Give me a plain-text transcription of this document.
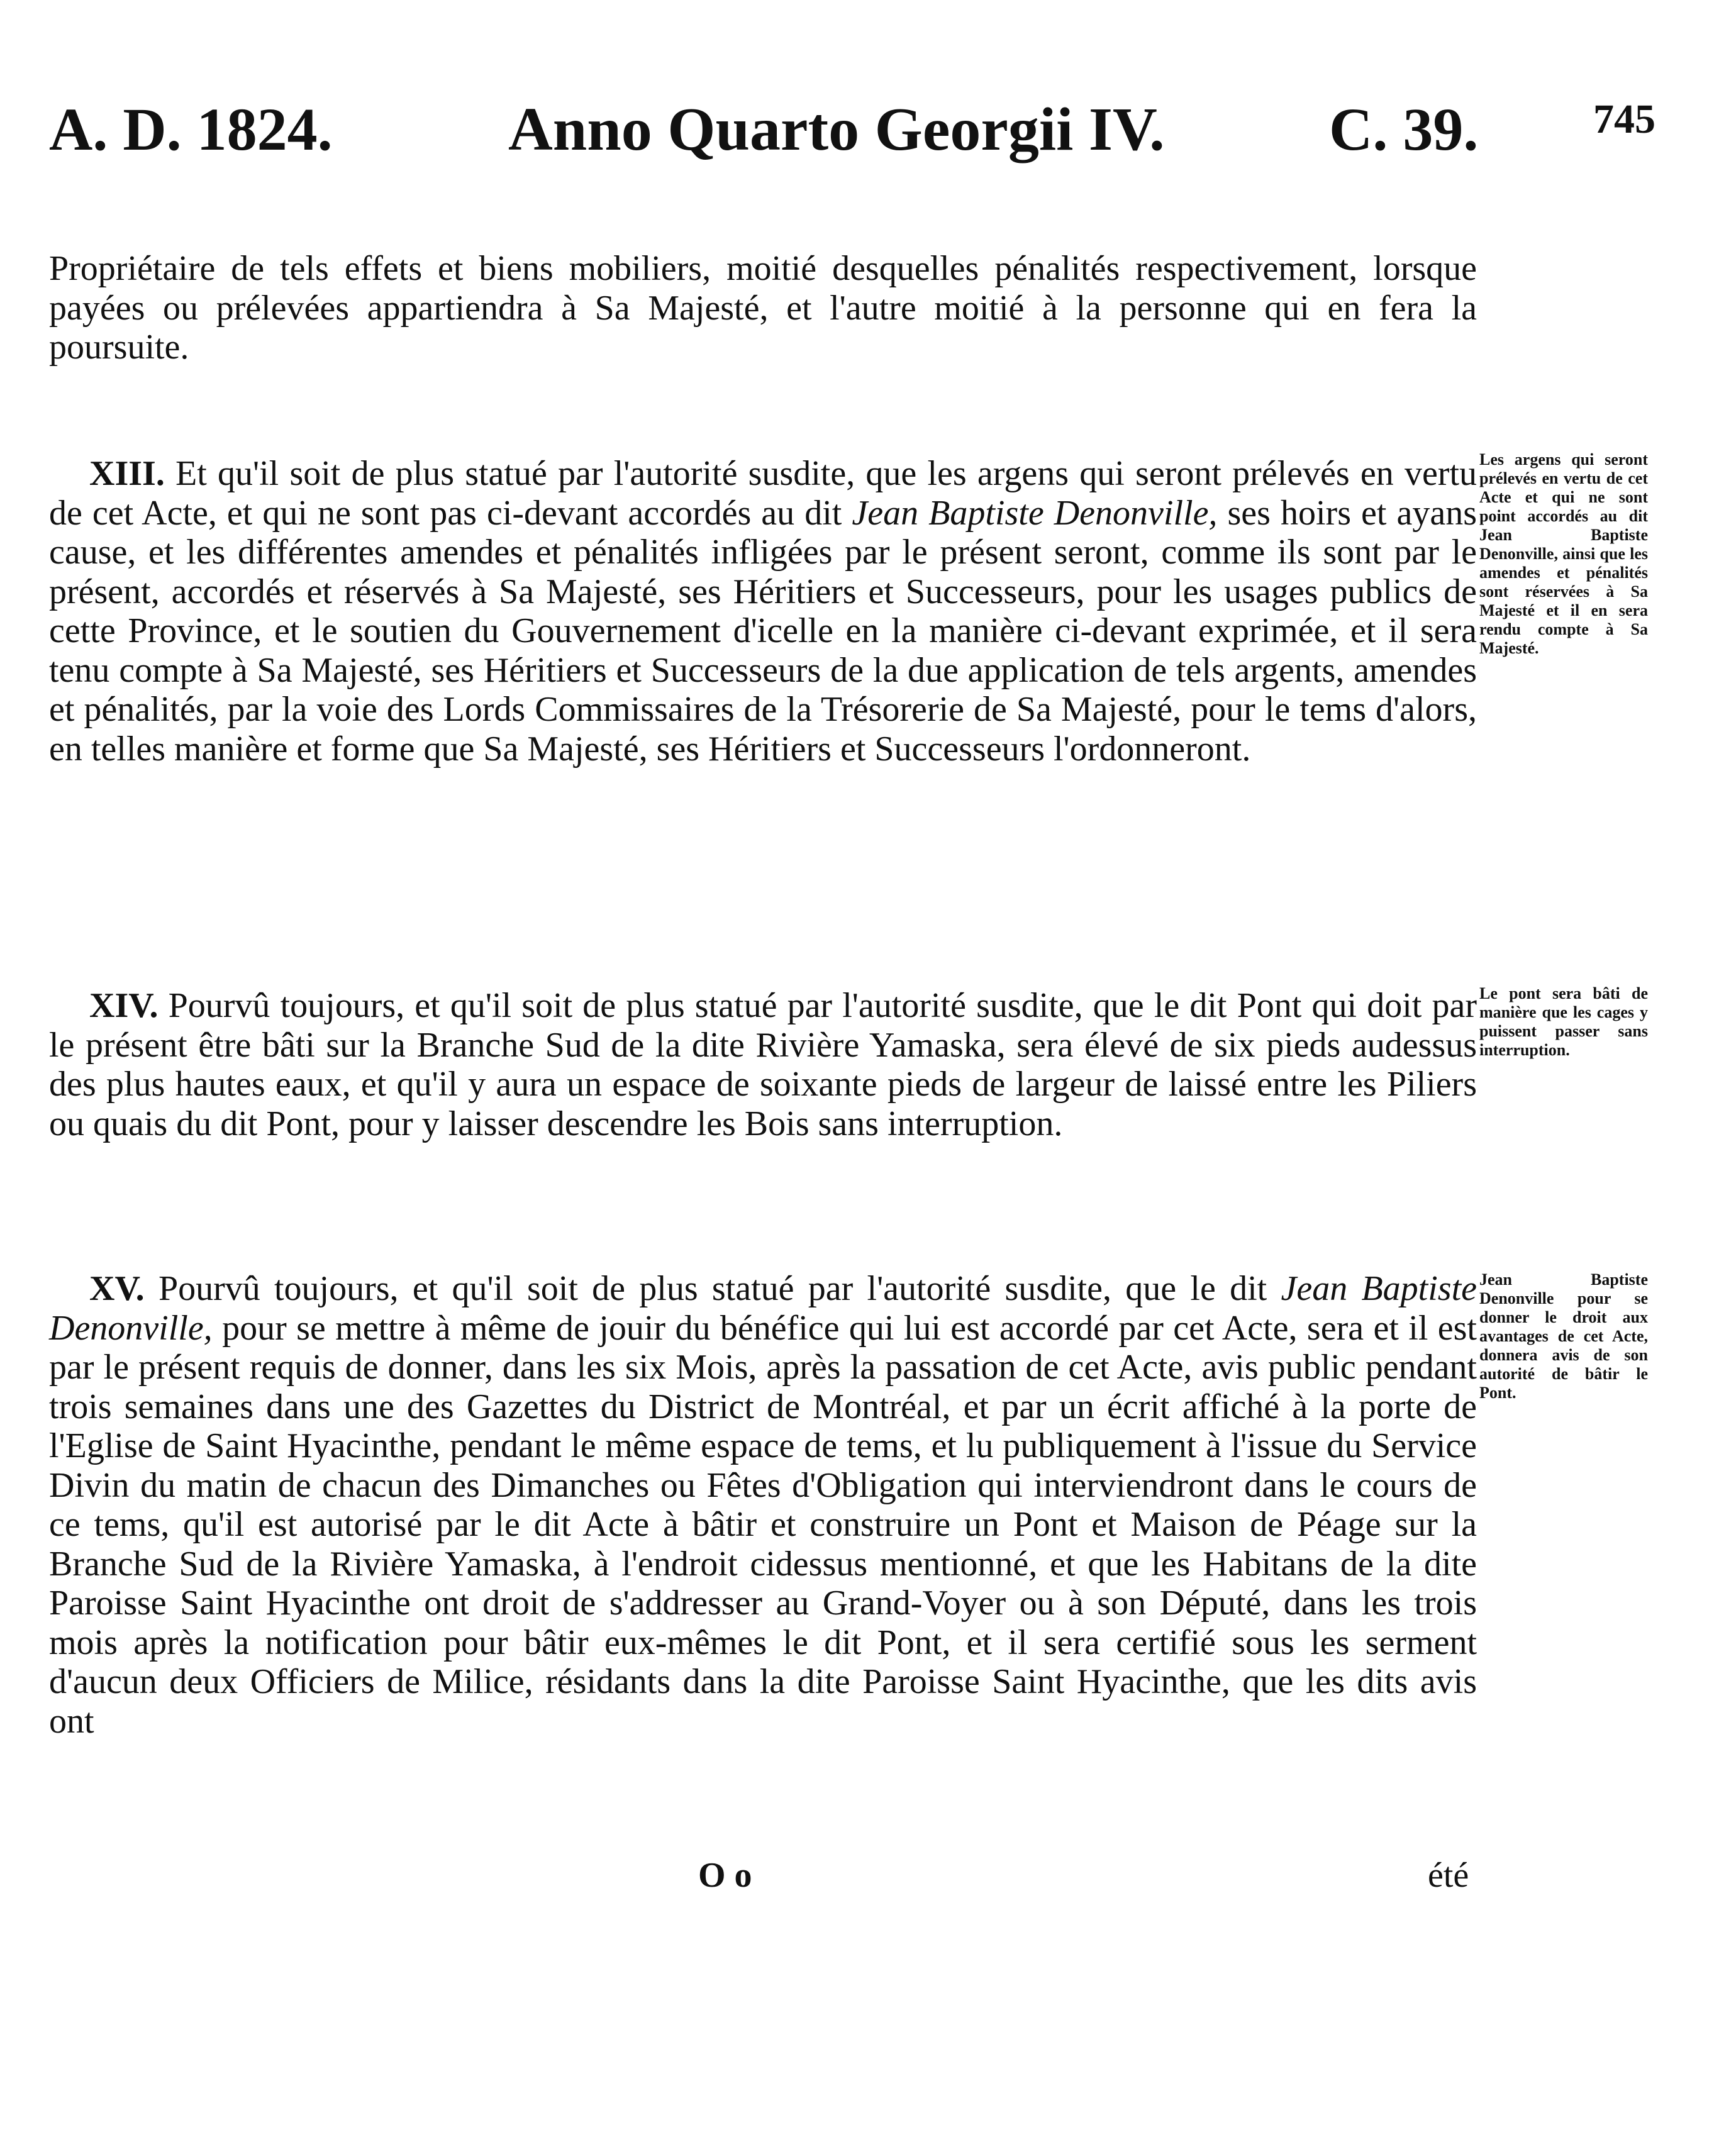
A. D. 1824.	Anno Quarto Georgii IV.	C. 39.	745

Propriétaire de tels effets et biens mobiliers, moitié desquelles pénalités respectivement, lorsque payées ou prélevées appartiendra à Sa Majesté, et l'autre moitié à la personne qui en fera la poursuite.

XIII. Et qu'il soit de plus statué par l'autorité susdite, que les argens qui seront prélevés en vertu de cet Acte, et qui ne sont pas ci-devant accordés au dit Jean Baptiste Denonville, ses hoirs et ayans cause, et les différentes amendes et pénalités infligées par le présent seront, comme ils sont par le présent, accordés et réservés à Sa Majesté, ses Héritiers et Successeurs, pour les usages publics de cette Province, et le soutien du Gouvernement d'icelle en la manière ci-devant exprimée, et il sera tenu compte à Sa Majesté, ses Héritiers et Successeurs de la due application de tels argents, amendes et pénalités, par la voie des Lords Commissaires de la Trésorerie de Sa Majesté, pour le tems d'alors, en telles manière et forme que Sa Majesté, ses Héritiers et Successeurs l'ordonneront.

Les argens qui seront prélevés en vertu de cet Acte et qui ne sont point accordés au dit Jean Baptiste Denonville, ainsi que les amendes et pénalités sont réservées à Sa Majesté et il en sera rendu compte à Sa Majesté.

XIV. Pourvû toujours, et qu'il soit de plus statué par l'autorité susdite, que le dit Pont qui doit par le présent être bâti sur la Branche Sud de la dite Rivière Yamaska, sera élevé de six pieds audessus des plus hautes eaux, et qu'il y aura un espace de soixante pieds de largeur de laissé entre les Piliers ou quais du dit Pont, pour y laisser descendre les Bois sans interruption.

Le pont sera bâti de manière que les cages y puissent passer sans interruption.

XV. Pourvû toujours, et qu'il soit de plus statué par l'autorité susdite, que le dit Jean Baptiste Denonville, pour se mettre à même de jouir du bénéfice qui lui est accordé par cet Acte, sera et il est par le présent requis de donner, dans les six Mois, après la passation de cet Acte, avis public pendant trois semaines dans une des Gazettes du District de Montréal, et par un écrit affiché à la porte de l'Eglise de Saint Hyacinthe, pendant le même espace de tems, et lu publiquement à l'issue du Service Divin du matin de chacun des Dimanches ou Fêtes d'Obligation qui interviendront dans le cours de ce tems, qu'il est autorisé par le dit Acte à bâtir et construire un Pont et Maison de Péage sur la Branche Sud de la Rivière Yamaska, à l'endroit cidessus mentionné, et que les Habitans de la dite Paroisse Saint Hyacinthe ont droit de s'addresser au Grand-Voyer ou à son Député, dans les trois mois après la notification pour bâtir eux-mêmes le dit Pont, et il sera certifié sous les serment d'aucun deux Officiers de Milice, résidants dans la dite Paroisse Saint Hyacinthe, que les dits avis ont

Jean Baptiste Denonville pour se donner le droit aux avantages de cet Acte, donnera avis de son autorité de bâtir le Pont.

O o	été
